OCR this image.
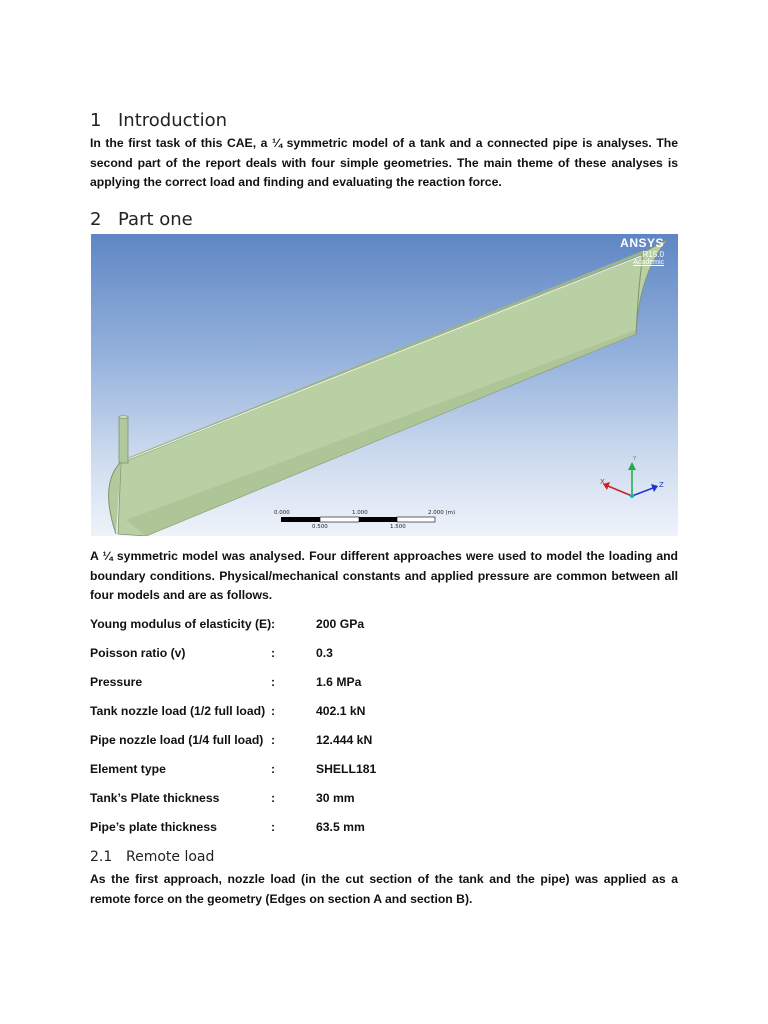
1 Introduction
In the first task of this CAE, a ¼ symmetric model of a tank and a connected pipe is analyses. The second part of the report deals with four simple geometries. The main theme of these analyses is applying the correct load and finding and evaluating the reaction force.
2 Part one
ANSYS
R15.0
Academic
0.000	1.000	2.000 (m)
0.500	1.500
Y
X	Z
A ¼ symmetric model was analysed. Four different approaches were used to model the loading and boundary conditions. Physical/mechanical constants and applied pressure are common between all four models and are as follows.
Young modulus of elasticity (E) :	200 GPa
Poisson ratio (v)	:	0.3
Pressure	:	1.6 MPa
Tank nozzle load (1/2 full load) :	402.1 kN
Pipe nozzle load (1/4 full load) :	12.444 kN
Element type	:	SHELL181
Tank’s Plate thickness	:	30 mm
Pipe’s plate thickness	:	63.5 mm
2.1 Remote load
As the first approach, nozzle load (in the cut section of the tank and the pipe) was applied as a remote force on the geometry (Edges on section A and section B).
